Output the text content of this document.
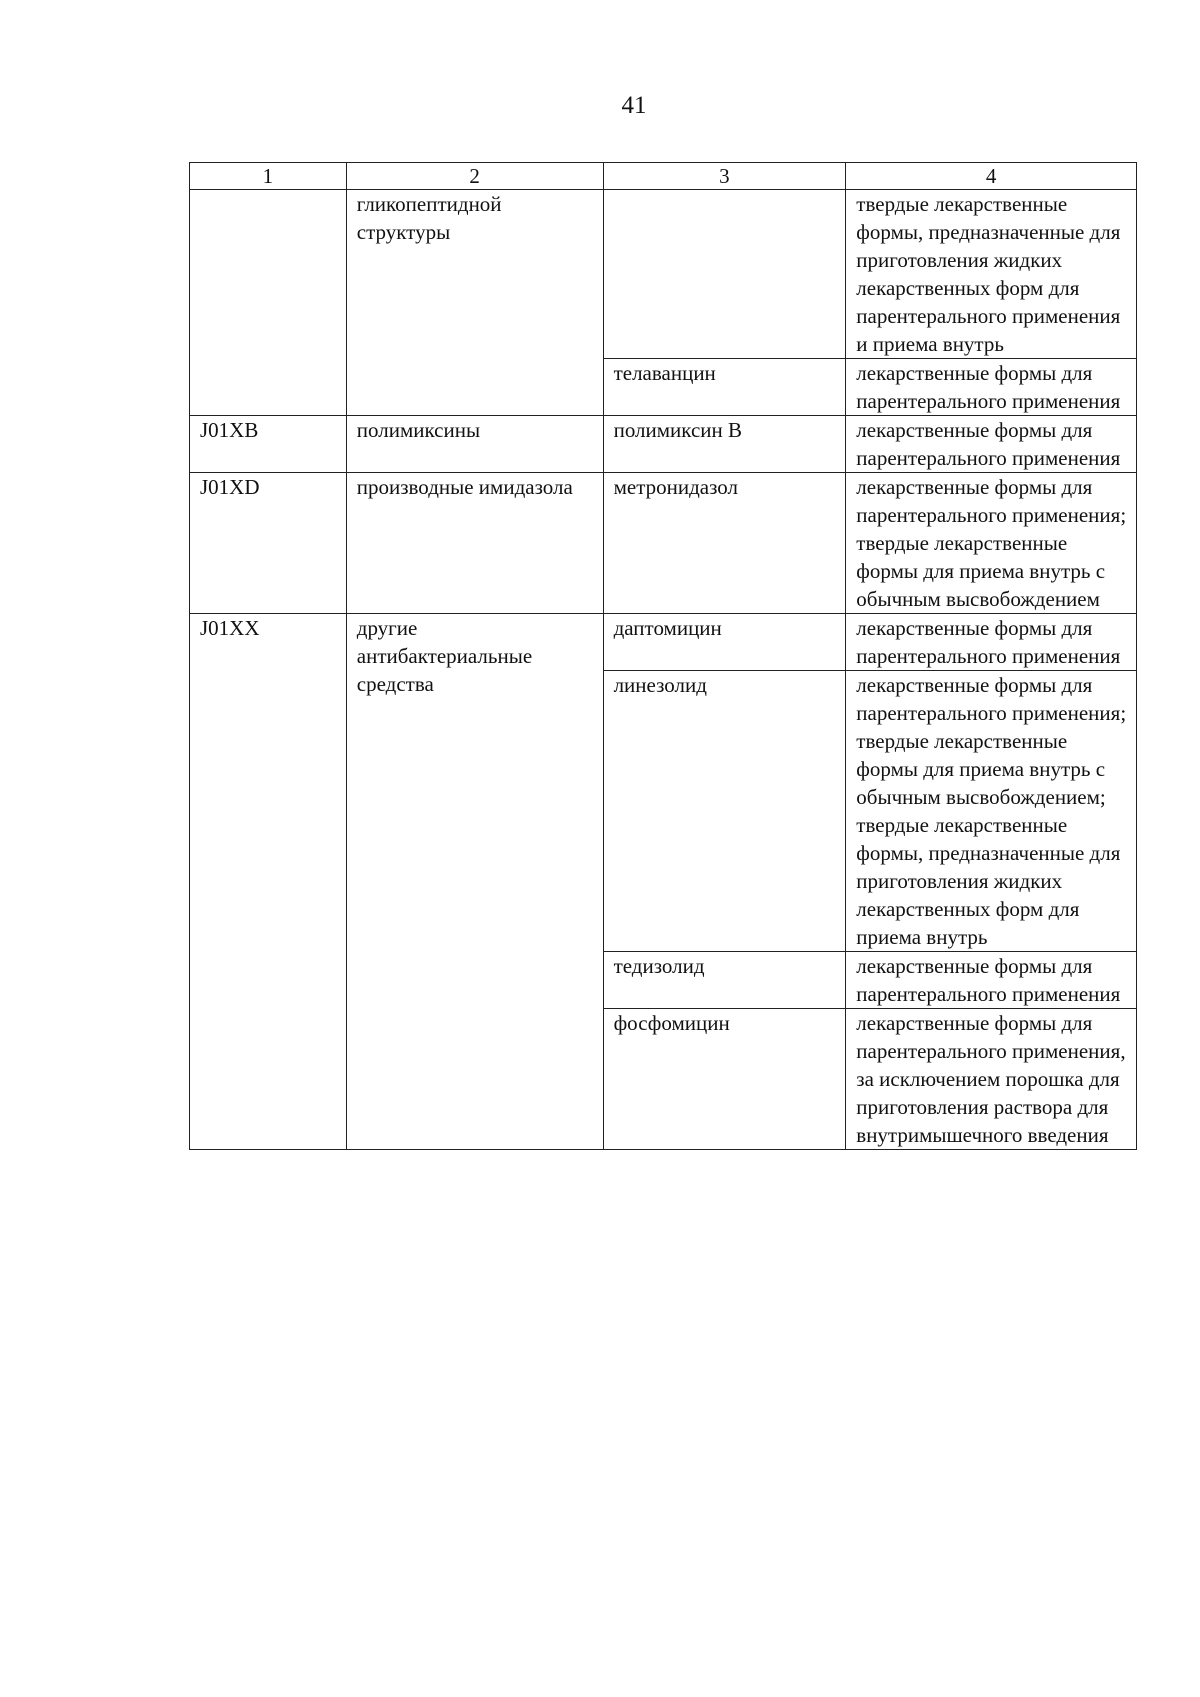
41
1	2	3	4
	гликопептидной структуры		твердые лекарственные формы, предназначенные для приготовления жидких лекарственных форм для парентерального применения и приема внутрь
		телаванцин	лекарственные формы для парентерального применения
J01XB	полимиксины	полимиксин В	лекарственные формы для парентерального применения
J01XD	производные имидазола	метронидазол	лекарственные формы для парентерального применения; твердые лекарственные формы для приема внутрь с обычным высвобождением
J01XX	другие антибактериальные средства	даптомицин	лекарственные формы для парентерального применения
		линезолид	лекарственные формы для парентерального применения; твердые лекарственные формы для приема внутрь с обычным высвобождением; твердые лекарственные формы, предназначенные для приготовления жидких лекарственных форм для приема внутрь
		тедизолид	лекарственные формы для парентерального применения
		фосфомицин	лекарственные формы для парентерального применения, за исключением порошка для приготовления раствора для внутримышечного введения
